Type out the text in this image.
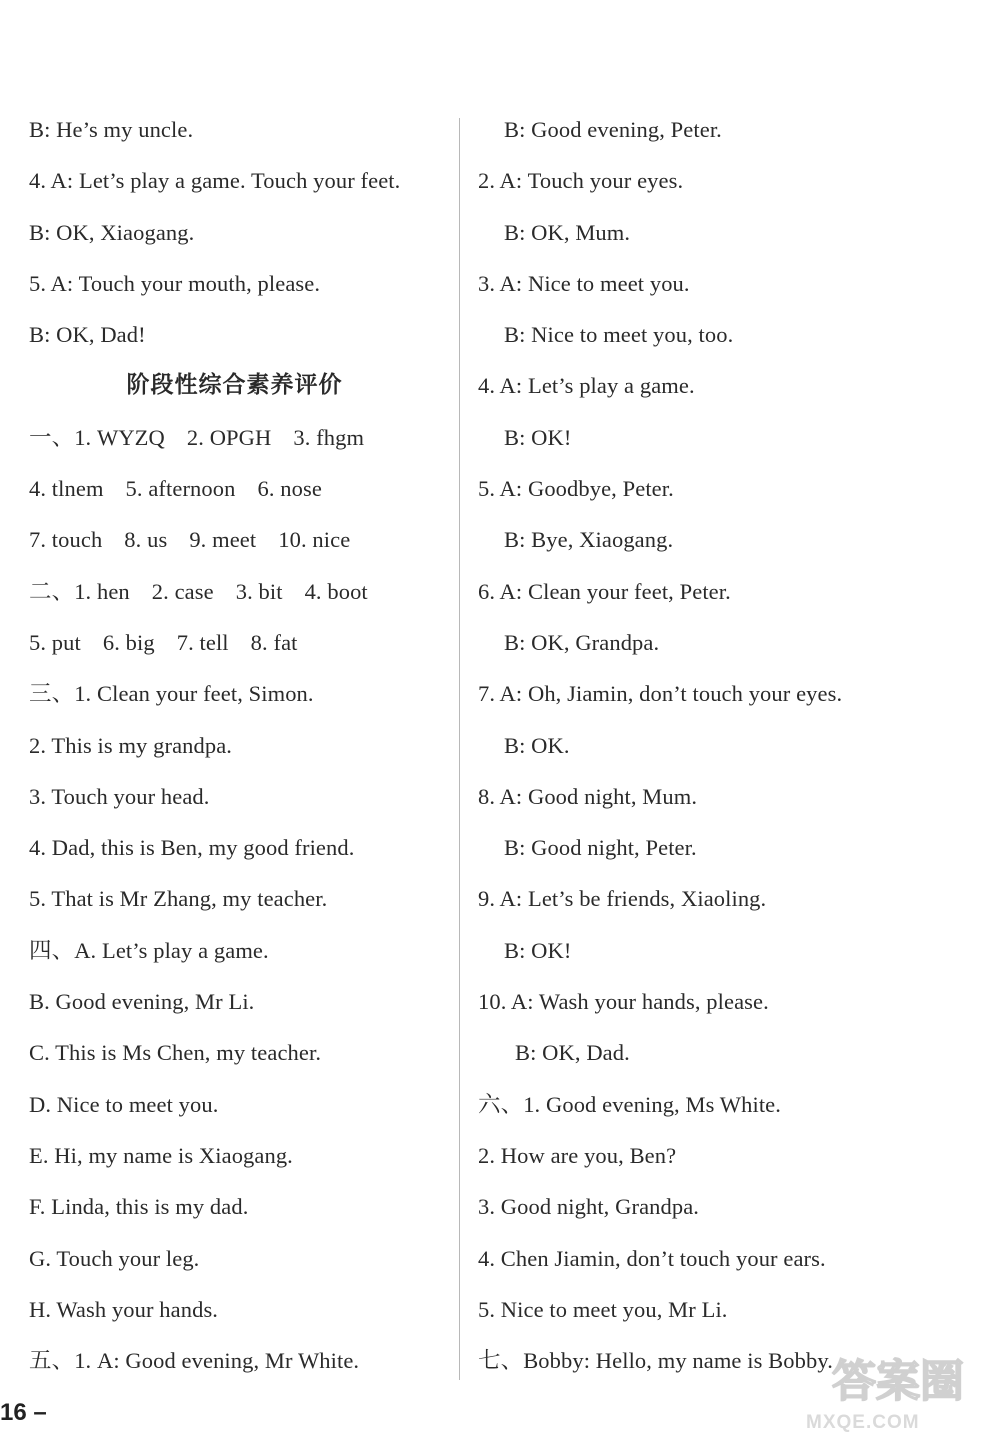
B: He’s my uncle.
4. A: Let’s play a game. Touch your feet.
B: OK, Xiaogang.
5. A: Touch your mouth, please.
B: OK, Dad!
阶段性综合素养评价
一、1. WYZQ 2. OPGH 3. fhgm
4. tlnem 5. afternoon 6. nose
7. touch 8. us 9. meet 10. nice
二、1. hen 2. case 3. bit 4. boot
5. put 6. big 7. tell 8. fat
三、1. Clean your feet, Simon.
2. This is my grandpa.
3. Touch your head.
4. Dad, this is Ben, my good friend.
5. That is Mr Zhang, my teacher.
四、A. Let’s play a game.
B. Good evening, Mr Li.
C. This is Ms Chen, my teacher.
D. Nice to meet you.
E. Hi, my name is Xiaogang.
F. Linda, this is my dad.
G. Touch your leg.
H. Wash your hands.
五、1. A: Good evening, Mr White.
B: Good evening, Peter.
2. A: Touch your eyes.
B: OK, Mum.
3. A: Nice to meet you.
B: Nice to meet you, too.
4. A: Let’s play a game.
B: OK!
5. A: Goodbye, Peter.
B: Bye, Xiaogang.
6. A: Clean your feet, Peter.
B: OK, Grandpa.
7. A: Oh, Jiamin, don’t touch your eyes.
B: OK.
8. A: Good night, Mum.
B: Good night, Peter.
9. A: Let’s be friends, Xiaoling.
B: OK!
10. A: Wash your hands, please.
B: OK, Dad.
六、1. Good evening, Ms White.
2. How are you, Ben?
3. Good night, Grandpa.
4. Chen Jiamin, don’t touch your ears.
5. Nice to meet you, Mr Li.
七、Bobby: Hello, my name is Bobby.
16 –
答案圈
MXQE.COM
